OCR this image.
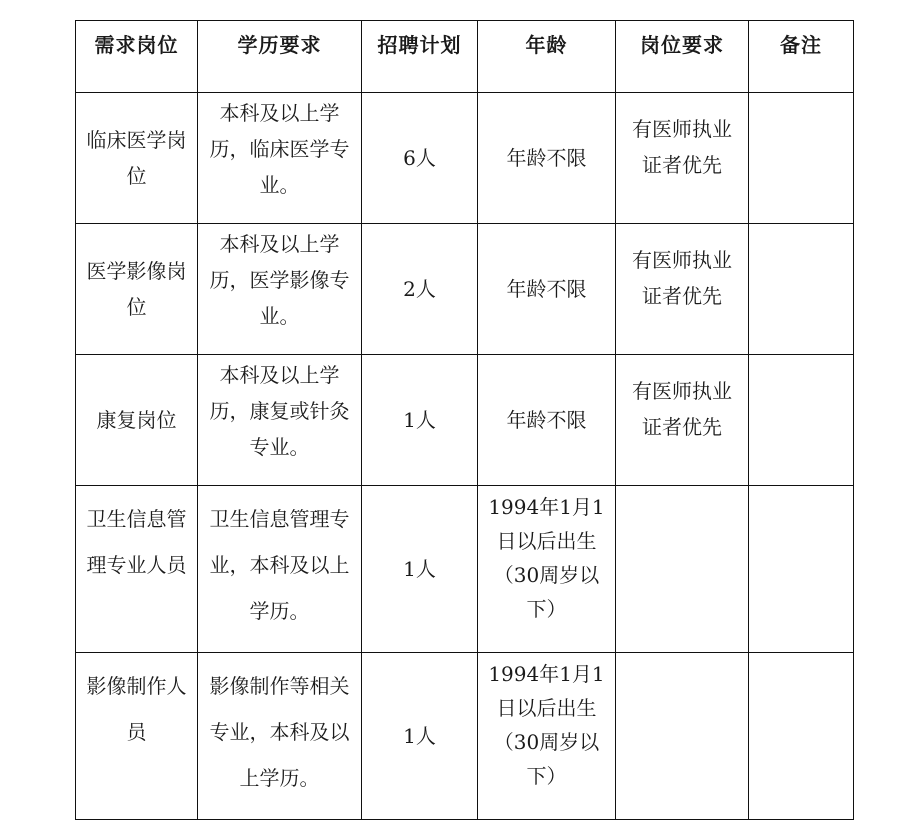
需求岗位	学历要求	招聘计划	年龄	岗位要求	备注
临床医学岗位	本科及以上学历，临床医学专业。	6人	年龄不限	有医师执业证者优先	
医学影像岗位	本科及以上学历，医学影像专业。	2人	年龄不限	有医师执业证者优先	
康复岗位	本科及以上学历，康复或针灸专业。	1人	年龄不限	有医师执业证者优先	
卫生信息管理专业人员	卫生信息管理专业，本科及以上学历。	1人	1994年1月1日以后出生（30周岁以下）		
影像制作人员	影像制作等相关专业，本科及以上学历。	1人	1994年1月1日以后出生（30周岁以下）		
